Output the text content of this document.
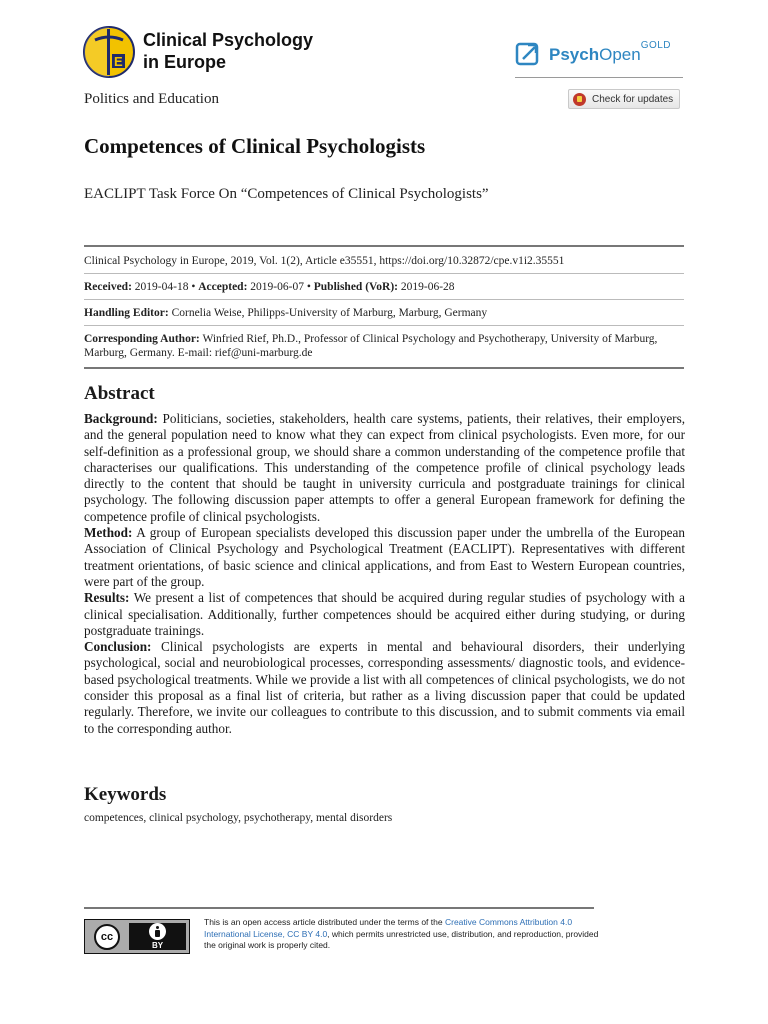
E
Clinical Psychology
in Europe	PsychOpen GOLD
Politics and Education	Check for updates
Competences of Clinical Psychologists
EACLIPT Task Force On “Competences of Clinical Psychologists”
Clinical Psychology in Europe, 2019, Vol. 1(2), Article e35551, https://doi.org/10.32872/cpe.v1i2.35551
Received: 2019-04-18 • Accepted: 2019-06-07 • Published (VoR): 2019-06-28
Handling Editor: Cornelia Weise, Philipps-University of Marburg, Marburg, Germany
Corresponding Author: Winfried Rief, Ph.D., Professor of Clinical Psychology and Psychotherapy, University of Marburg, Marburg, Germany. E-mail: rief@uni-marburg.de
Abstract

Background: Politicians, societies, stakeholders, health care systems, patients, their relatives, their employers, and the general population need to know what they can expect from clinical psychologists. Even more, for our self-definition as a professional group, we should share a common understanding of the competence profile that characterises our qualifications. This understanding of the competence profile of clinical psychology leads directly to the content that should be taught in university curricula and postgraduate trainings for clinical psychology. The following discussion paper attempts to offer a general European framework for defining the competence profile of clinical psychologists.

Method: A group of European specialists developed this discussion paper under the umbrella of the European Association of Clinical Psychology and Psychological Treatment (EACLIPT). Representatives with different treatment orientations, of basic science and clinical applications, and from East to Western European countries, were part of the group.

Results: We present a list of competences that should be acquired during regular studies of psychology with a clinical specialisation. Additionally, further competences should be acquired either during studying, or during postgraduate trainings.

Conclusion: Clinical psychologists are experts in mental and behavioural disorders, their underlying psychological, social and neurobiological processes, corresponding assessments/ diagnostic tools, and evidence-based psychological treatments. While we provide a list with all competences of clinical psychologists, we do not consider this proposal as a final list of criteria, but rather as a living discussion paper that could be updated regularly. Therefore, we invite our colleagues to contribute to this discussion, and to submit comments via email to the corresponding author.

Keywords
competences, clinical psychology, psychotherapy, mental disorders
cc
BY
This is an open access article distributed under the terms of the Creative Commons Attribution 4.0 International License, CC BY 4.0, which permits unrestricted use, distribution, and reproduction, provided the original work is properly cited.
